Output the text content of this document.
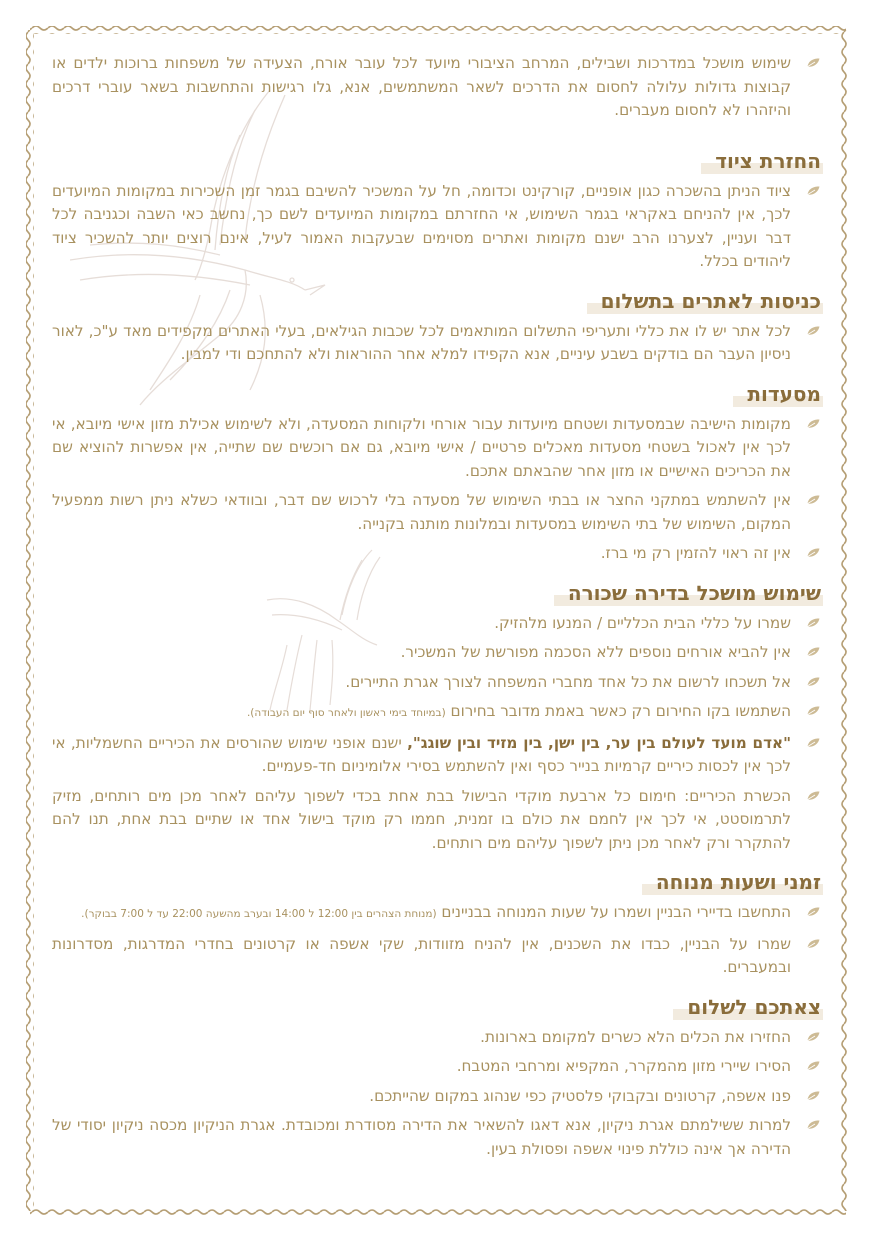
שימוש מושכל במדרכות ושבילים, המרחב הציבורי מיועד לכל עובר אורח, הצעידה של משפחות ברוכות ילדים או קבוצות גדולות עלולה לחסום את הדרכים לשאר המשתמשים, אנא, גלו רגישות והתחשבות בשאר עוברי דרכים והיזהרו לא לחסום מעברים.
החזרת ציוד
ציוד הניתן בהשכרה כגון אופניים, קורקינט וכדומה, חל על המשכיר להשיבם בגמר זמן השכירות במקומות המיועדים לכך, אין להניחם באקראי בגמר השימוש, אי החזרתם במקומות המיועדים לשם כך, נחשב כאי השבה וכגניבה לכל דבר ועניין, לצערנו הרב ישנם מקומות ואתרים מסוימים שבעקבות האמור לעיל, אינם רוצים יותר להשכיר ציוד ליהודים בכלל.
כניסות לאתרים בתשלום
לכל אתר יש לו את כללי ותעריפי התשלום המותאמים לכל שכבות הגילאים, בעלי האתרים מקפידים מאד ע"כ, לאור ניסיון העבר הם בודקים בשבע עיניים, אנא הקפידו למלא אחר ההוראות ולא להתחכם ודי למבין.
מסעדות
מקומות הישיבה שבמסעדות ושטחם מיועדות עבור אורחי ולקוחות המסעדה, ולא לשימוש אכילת מזון אישי מיובא, אי לכך אין לאכול בשטחי מסעדות מאכלים פרטיים / אישי מיובא, גם אם רוכשים שם שתייה, אין אפשרות להוציא שם את הכריכים האישיים או מזון אחר שהבאתם אתכם.
אין להשתמש במתקני החצר או בבתי השימוש של מסעדה בלי לרכוש שם דבר, ובוודאי כשלא ניתן רשות ממפעיל המקום, השימוש של בתי השימוש במסעדות ובמלונות מותנה בקנייה.
אין זה ראוי להזמין רק מי ברז.
שימוש מושכל בדירה שכורה
שמרו על כללי הבית הכלליים / המנעו מלהזיק.
אין להביא אורחים נוספים ללא הסכמה מפורשת של המשכיר.
אל תשכחו לרשום את כל אחד מחברי המשפחה לצורך אגרת התיירים.
השתמשו בקו החירום רק כאשר באמת מדובר בחירום (במיוחד בימי ראשון ולאחר סוף יום העבודה).
"אדם מועד לעולם בין ער, בין ישן, בין מזיד ובין שוגג", ישנם אופני שימוש שהורסים את הכיריים החשמליות, אי לכך אין לכסות כיריים קרמיות בנייר כסף ואין להשתמש בסירי אלומיניום חד-פעמיים.
הכשרת הכיריים: חימום כל ארבעת מוקדי הבישול בבת אחת בכדי לשפוך עליהם לאחר מכן מים רותחים, מזיק לתרמוסטט, אי לכך אין לחמם את כולם בו זמנית, חממו רק מוקד בישול אחד או שתיים בבת אחת, תנו להם להתקרר ורק לאחר מכן ניתן לשפוך עליהם מים רותחים.
זמני ושעות מנוחה
התחשבו בדיירי הבניין ושמרו על שעות המנוחה בבניינים (מנוחת הצהרים בין 12:00 ל 14:00 ובערב מהשעה 22:00 עד ל 7:00 בבוקר).
שמרו על הבניין, כבדו את השכנים, אין להניח מזוודות, שקי אשפה או קרטונים בחדרי המדרגות, מסדרונות ובמעברים.
צאתכם לשלום
החזירו את הכלים הלא כשרים למקומם בארונות.
הסירו שיירי מזון מהמקרר, המקפיא ומרחבי המטבח.
פנו אשפה, קרטונים ובקבוקי פלסטיק כפי שנהוג במקום שהייתכם.
למרות ששילמתם אגרת ניקיון, אנא דאגו להשאיר את הדירה מסודרת ומכובדת. אגרת הניקיון מכסה ניקיון יסודי של הדירה אך אינה כוללת פינוי אשפה ופסולת בעין.
